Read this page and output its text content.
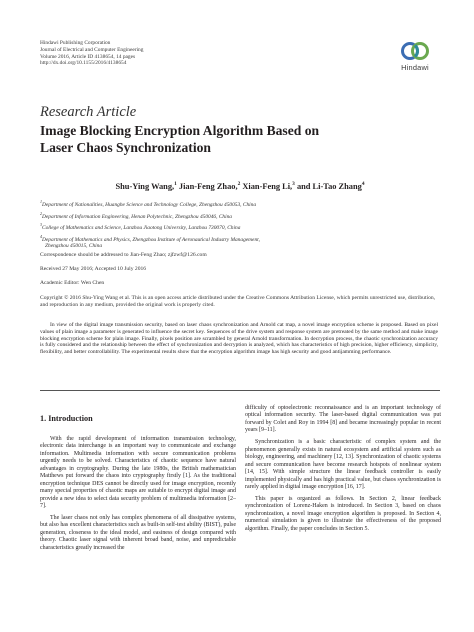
Hindawi Publishing Corporation
Journal of Electrical and Computer Engineering
Volume 2016, Article ID 4138654, 14 pages
http://dx.doi.org/10.1155/2016/4138654	Hindawi
Research Article
Image Blocking Encryption Algorithm Based on
Laser Chaos Synchronization
Shu-Ying Wang,$^1$ Jian-Feng Zhao,$^2$ Xian-Feng Li,$^3$ and Li-Tao Zhang$^4$
$^1$Department of Nationalities, Huanghe Science and Technology College, Zhengzhou 450053, China
$^2$Department of Information Engineering, Henan Polytechnic, Zhengzhou 450046, China
$^3$College of Mathematics and Science, Lanzhou Jiaotong University, Lanzhou 730070, China
$^4$Department of Mathematics and Physics, Zhengzhou Institute of Aeronautical Industry Management,
Zhengzhou 450015, China
Correspondence should be addressed to Jian-Feng Zhao; zjfzwf@126.com
Received 27 May 2016; Accepted 10 July 2016
Academic Editor: Wen Chen
Copyright © 2016 Shu-Ying Wang et al. This is an open access article distributed under the Creative Commons Attribution License, which permits unrestricted use, distribution, and reproduction in any medium, provided the original work is properly cited.
In view of the digital image transmission security, based on laser chaos synchronization and Arnold cat map, a novel image encryption scheme is proposed. Based on pixel values of plain image a parameter is generated to influence the secret key. Sequences of the drive system and response system are pretreated by the same method and make image blocking encryption scheme for plain image. Finally, pixels position are scrambled by general Arnold transformation. In decryption process, the chaotic synchronization accuracy is fully considered and the relationship between the effect of synchronization and decryption is analyzed, which has characteristics of high precision, higher efficiency, simplicity, flexibility, and better controllability. The experimental results show that the encryption algorithm image has high security and good antijamming performance.
1. Introduction

With the rapid development of information transmission technology, electronic data interchange is an important way to communicate and exchange information. Multimedia information with secure communication problems urgently needs to be solved. Characteristics of chaotic sequence have natural advantages in cryptography. During the late 1980s, the British mathematician Matthews put forward the chaos into cryptography firstly [1]. As the traditional encryption technique DES cannot be directly used for image encryption, recently many special properties of chaotic maps are suitable to encrypt digital image and provide a new idea to select data security problem of multimedia information [2–7].

The laser chaos not only has complex phenomena of all dissipative systems, but also has excellent characteristics such as built-in self-test ability (BIST), pulse generation, closeness to the ideal model, and easiness of design compared with theory. Chaotic laser signal with inherent broad band, noise, and unpredictable characteristics greatly increased the

difficulty of optoelectronic reconnaissance and is an important technology of optical information security. The laser-based digital communication was put forward by Colet and Roy in 1994 [8] and became increasingly popular in recent years [9–11].

Synchronization is a basic characteristic of complex system and the phenomenon generally exists in natural ecosystem and artificial system such as biology, engineering, and machinery [12, 13]. Synchronization of chaotic systems and secure communication have become research hotspots of nonlinear system [14, 15]. With simple structure the linear feedback controller is easily implemented physically and has high practical value, but chaos synchronization is rarely applied in digital image encryption [16, 17].

This paper is organized as follows. In Section 2, linear feedback synchronization of Lorenz-Haken is introduced. In Section 3, based on chaos synchronization, a novel image encryption algorithm is proposed. In Section 4, numerical simulation is given to illustrate the effectiveness of the proposed algorithm. Finally, the paper concludes in Section 5.
